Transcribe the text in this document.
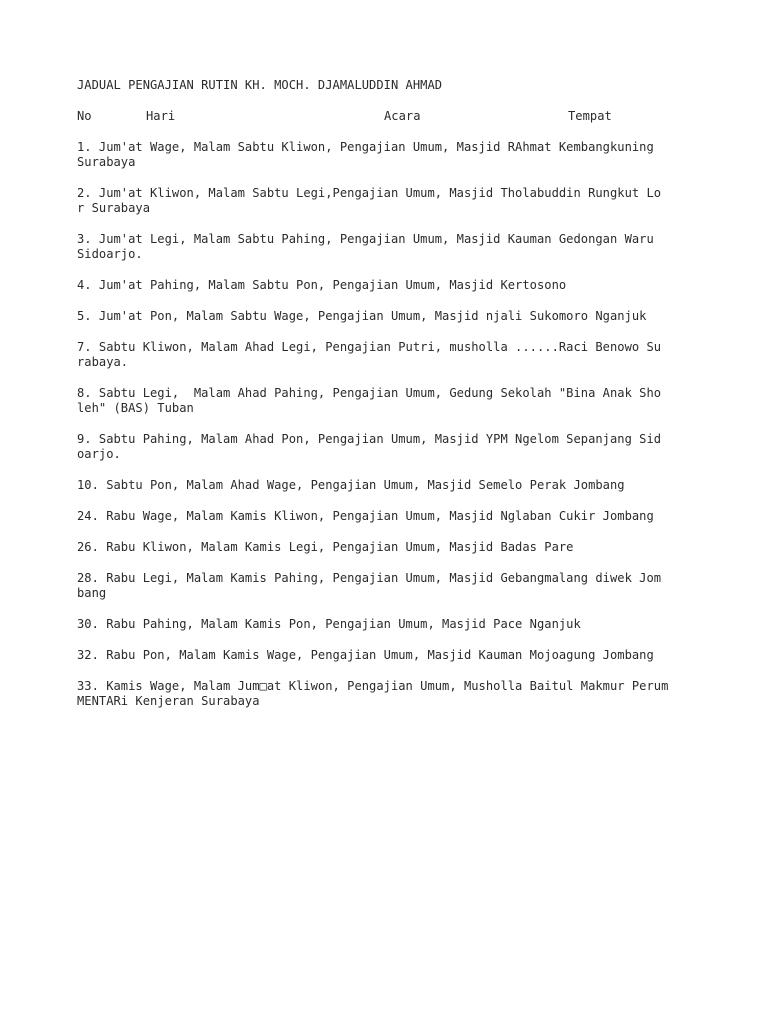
JADUAL PENGAJIAN RUTIN KH. MOCH. DJAMALUDDIN AHMAD
No	Hari	Acara	Tempat
1. Jum'at Wage, Malam Sabtu Kliwon, Pengajian Umum, Masjid RAhmat Kembangkuning
Surabaya
2. Jum'at Kliwon, Malam Sabtu Legi,Pengajian Umum, Masjid Tholabuddin Rungkut Lo
r Surabaya
3. Jum'at Legi, Malam Sabtu Pahing, Pengajian Umum, Masjid Kauman Gedongan Waru
Sidoarjo.
4. Jum'at Pahing, Malam Sabtu Pon, Pengajian Umum, Masjid Kertosono
5. Jum'at Pon, Malam Sabtu Wage, Pengajian Umum, Masjid njali Sukomoro Nganjuk
7. Sabtu Kliwon, Malam Ahad Legi, Pengajian Putri, musholla ......Raci Benowo Su
rabaya.
8. Sabtu Legi,  Malam Ahad Pahing, Pengajian Umum, Gedung Sekolah "Bina Anak Sho
leh" (BAS) Tuban
9. Sabtu Pahing, Malam Ahad Pon, Pengajian Umum, Masjid YPM Ngelom Sepanjang Sid
oarjo.
10. Sabtu Pon, Malam Ahad Wage, Pengajian Umum, Masjid Semelo Perak Jombang
24. Rabu Wage, Malam Kamis Kliwon, Pengajian Umum, Masjid Nglaban Cukir Jombang
26. Rabu Kliwon, Malam Kamis Legi, Pengajian Umum, Masjid Badas Pare
28. Rabu Legi, Malam Kamis Pahing, Pengajian Umum, Masjid Gebangmalang diwek Jom
bang
30. Rabu Pahing, Malam Kamis Pon, Pengajian Umum, Masjid Pace Nganjuk
32. Rabu Pon, Malam Kamis Wage, Pengajian Umum, Masjid Kauman Mojoagung Jombang
33. Kamis Wage, Malam Jum□at Kliwon, Pengajian Umum, Musholla Baitul Makmur Perum
MENTARi Kenjeran Surabaya
